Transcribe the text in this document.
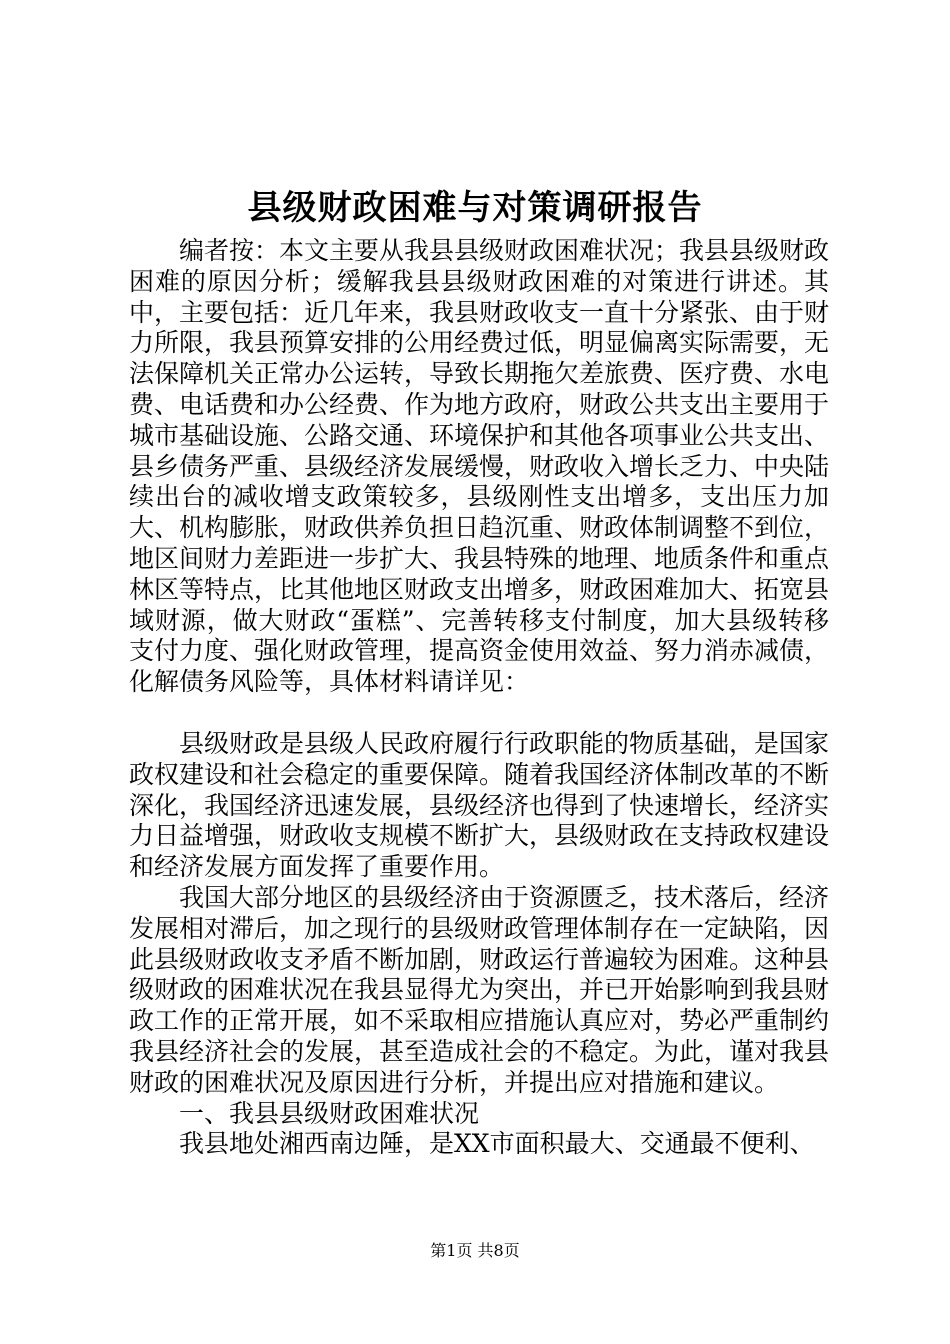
县级财政困难与对策调研报告

编者按：本文主要从我县县级财政困难状况；我县县级财政困难的原因分析；缓解我县县级财政困难的对策进行讲述。其中，主要包括：近几年来，我县财政收支一直十分紧张、由于财力所限，我县预算安排的公用经费过低，明显偏离实际需要，无法保障机关正常办公运转，导致长期拖欠差旅费、医疗费、水电费、电话费和办公经费、作为地方政府，财政公共支出主要用于城市基础设施、公路交通、环境保护和其他各项事业公共支出、县乡债务严重、县级经济发展缓慢，财政收入增长乏力、中央陆续出台的减收增支政策较多，县级刚性支出增多，支出压力加大、机构膨胀，财政供养负担日趋沉重、财政体制调整不到位，地区间财力差距进一步扩大、我县特殊的地理、地质条件和重点林区等特点，比其他地区财政支出增多，财政困难加大、拓宽县域财源，做大财政“蛋糕”、完善转移支付制度，加大县级转移支付力度、强化财政管理，提高资金使用效益、努力消赤减债，化解债务风险等，具体材料请详见：

县级财政是县级人民政府履行行政职能的物质基础，是国家政权建设和社会稳定的重要保障。随着我国经济体制改革的不断深化，我国经济迅速发展，县级经济也得到了快速增长，经济实力日益增强，财政收支规模不断扩大，县级财政在支持政权建设和经济发展方面发挥了重要作用。

我国大部分地区的县级经济由于资源匮乏，技术落后，经济发展相对滞后，加之现行的县级财政管理体制存在一定缺陷，因此县级财政收支矛盾不断加剧，财政运行普遍较为困难。这种县级财政的困难状况在我县显得尤为突出，并已开始影响到我县财政工作的正常开展，如不采取相应措施认真应对，势必严重制约我县经济社会的发展，甚至造成社会的不稳定。为此，谨对我县财政的困难状况及原因进行分析，并提出应对措施和建议。

一、我县县级财政困难状况

我县地处湘西南边陲，是XX市面积最大、交通最不便利、

第1页 共8页
